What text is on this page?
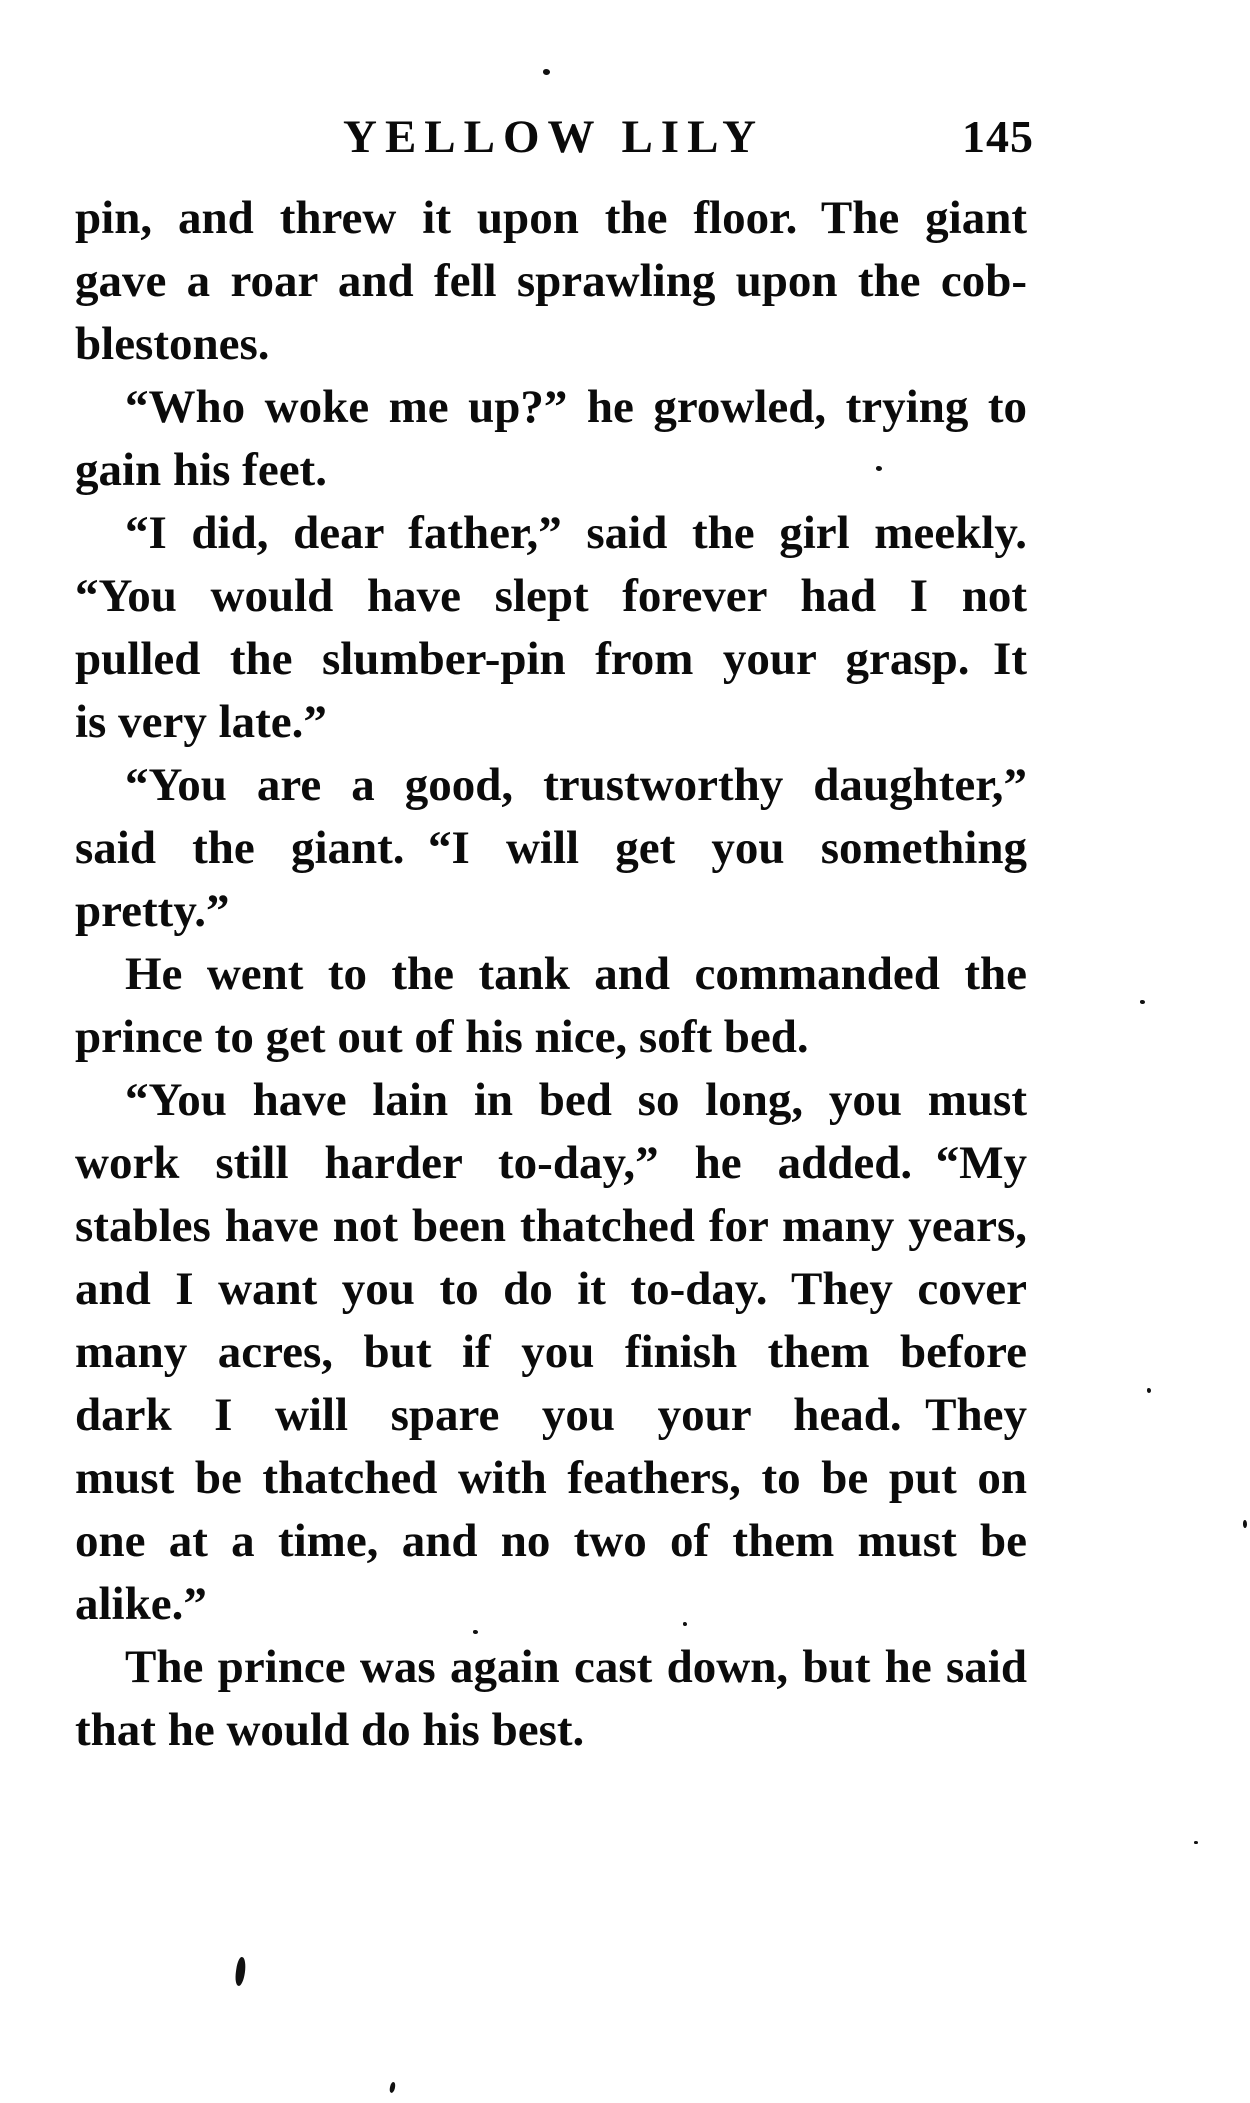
YELLOW LILY	145
pin, and threw it upon the floor. The giant
gave a roar and fell sprawling upon the cob-
blestones.
“Who woke me up?” he growled, trying to
gain his feet.
“I did, dear father,” said the girl meekly.
“You would have slept forever had I not
pulled the slumber-pin from your grasp. It
is very late.”
“You are a good, trustworthy daughter,”
said the giant. “I will get you something
pretty.”
He went to the tank and commanded the
prince to get out of his nice, soft bed.
“You have lain in bed so long, you must
work still harder to-day,” he added. “My
stables have not been thatched for many years,
and I want you to do it to-day. They cover
many acres, but if you finish them before
dark I will spare you your head. They
must be thatched with feathers, to be put on
one at a time, and no two of them must be
alike.”
The prince was again cast down, but he said
that he would do his best.
